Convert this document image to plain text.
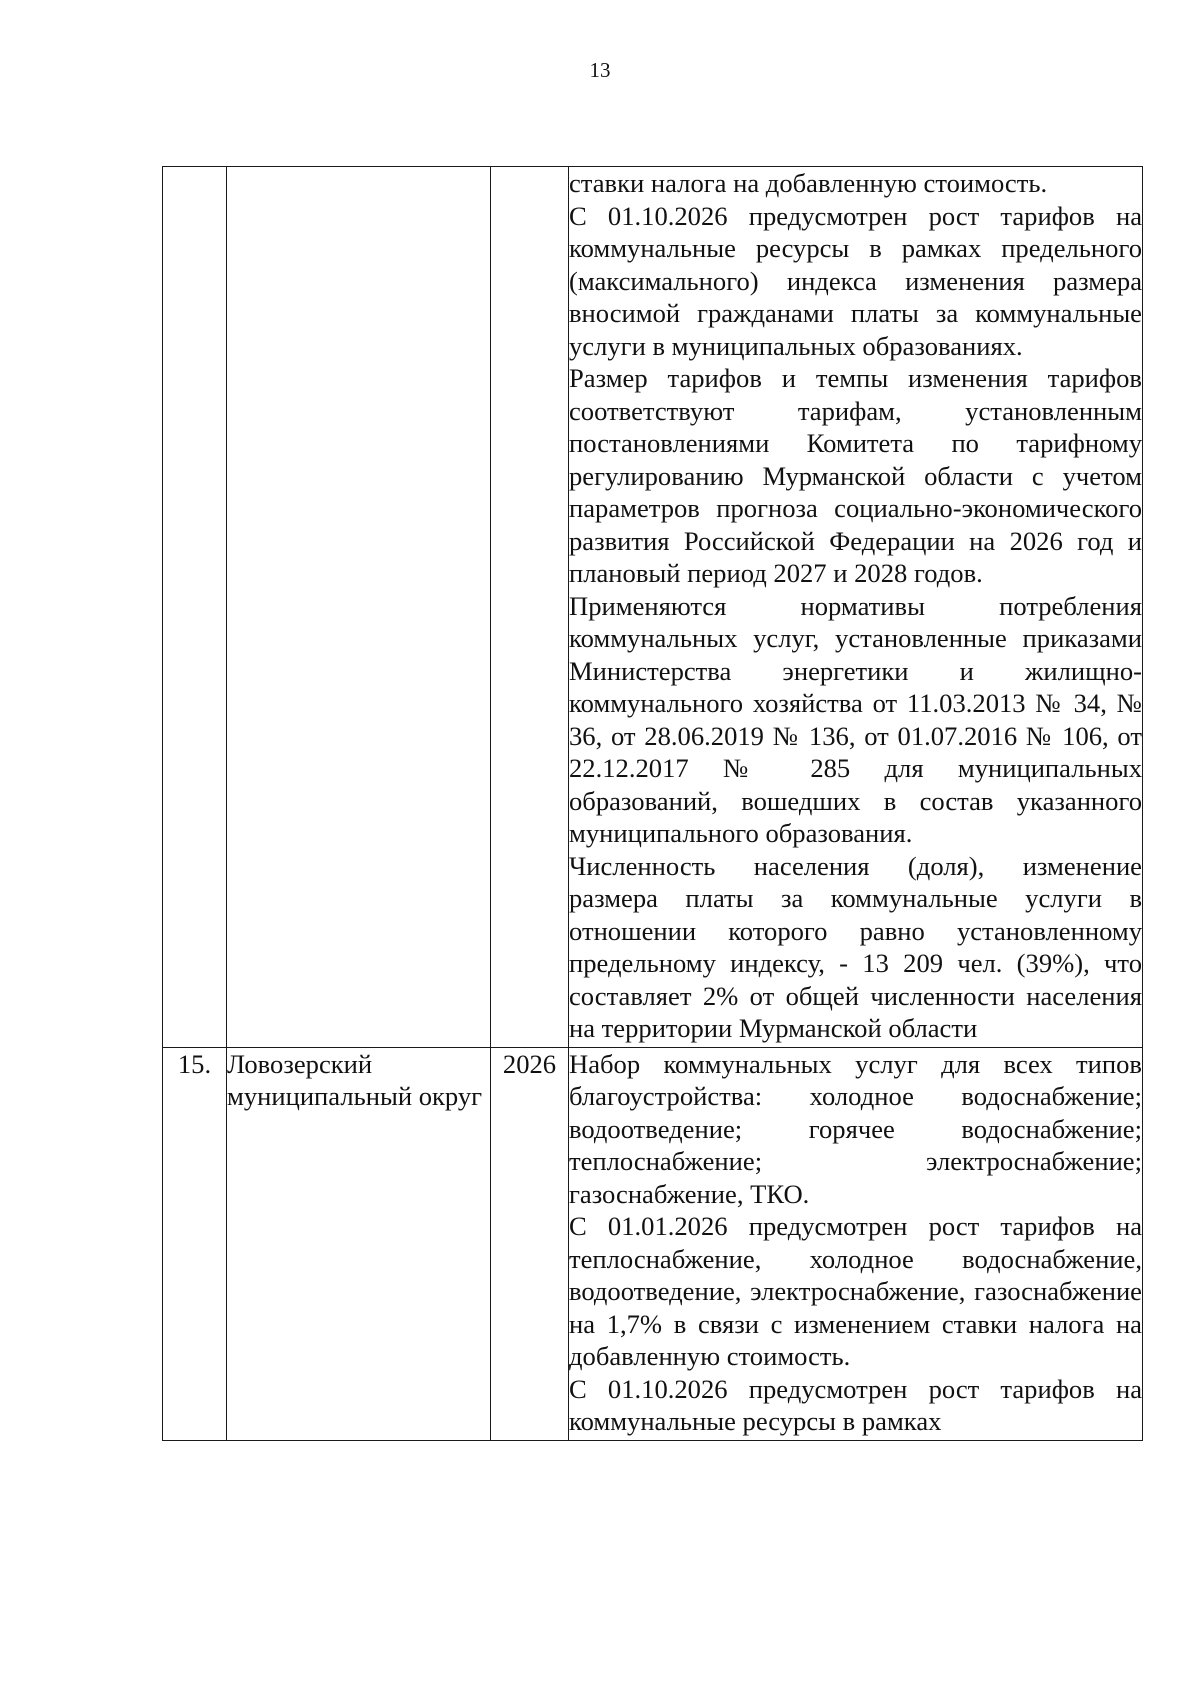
13

			ставки налога на добавленную стоимость.

С 01.10.2026 предусмотрен рост тарифов на коммунальные ресурсы в рамках предельного (максимального) индекса изменения размера вносимой гражданами платы за коммунальные услуги в муниципальных образованиях.

Размер тарифов и темпы изменения тарифов соответствуют тарифам, установленным постановлениями Комитета по тарифному регулированию Мурманской области с учетом параметров прогноза социально-экономического развития Российской Федерации на 2026 год и плановый период 2027 и 2028 годов.

Применяются нормативы потребления коммунальных услуг, установленные приказами Министерства энергетики и жилищно-коммунального хозяйства от 11.03.2013 № 34, № 36, от 28.06.2019 № 136, от 01.07.2016 № 106, от 22.12.2017 № 285 для муниципальных образований, вошедших в состав указанного муниципального образования.

Численность населения (доля), изменение размера платы за коммунальные услуги в отношении которого равно установленному предельному индексу, - 13 209 чел. (39%), что составляет 2% от общей численности населения на территории Мурманской области

15.	Ловозерский муниципальный округ	2026	Набор коммунальных услуг для всех типов благоустройства: холодное водоснабжение; водоотведение; горячее водоснабжение; теплоснабжение; электроснабжение; газоснабжение, ТКО.

С 01.01.2026 предусмотрен рост тарифов на теплоснабжение, холодное водоснабжение, водоотведение, электроснабжение, газоснабжение на 1,7% в связи с изменением ставки налога на добавленную стоимость.

С 01.10.2026 предусмотрен рост тарифов на коммунальные ресурсы в рамках
